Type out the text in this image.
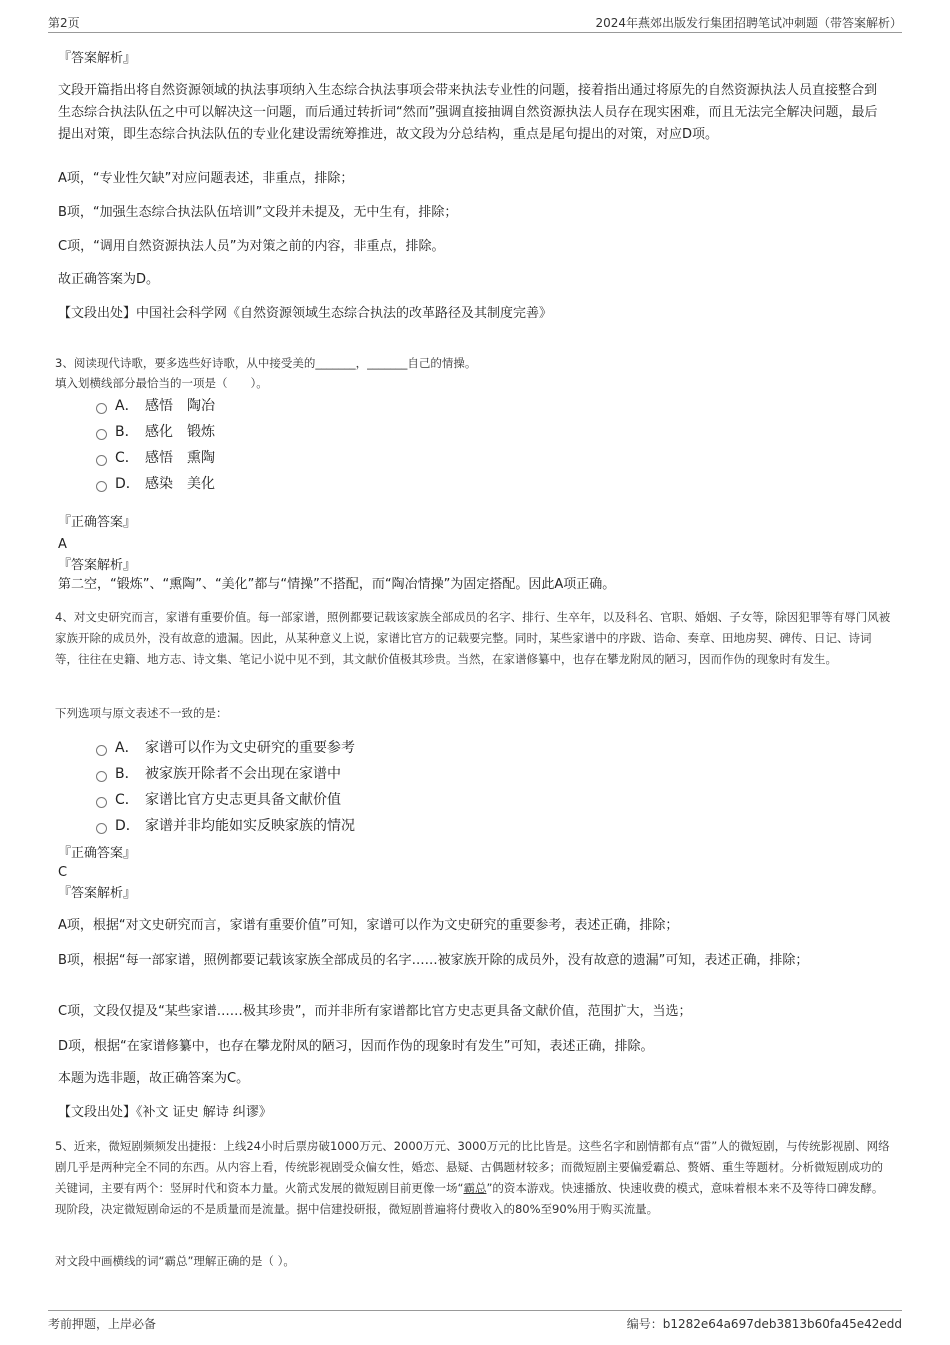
第2页	2024年燕郊出版发行集团招聘笔试冲刺题（带答案解析）
『答案解析』
文段开篇指出将自然资源领域的执法事项纳入生态综合执法事项会带来执法专业性的问题，接着指出通过将原先的自然资源执法人员直接整合到生态综合执法队伍之中可以解决这一问题，而后通过转折词“然而”强调直接抽调自然资源执法人员存在现实困难，而且无法完全解决问题，最后提出对策，即生态综合执法队伍的专业化建设需统筹推进，故文段为分总结构，重点是尾句提出的对策，对应D项。
A项，“专业性欠缺”对应问题表述，非重点，排除；
B项，“加强生态综合执法队伍培训”文段并未提及，无中生有，排除；
C项，“调用自然资源执法人员”为对策之前的内容，非重点，排除。
故正确答案为D。
【文段出处】中国社会科学网《自然资源领域生态综合执法的改革路径及其制度完善》
3、阅读现代诗歌，要多选些好诗歌，从中接受美的_______，_______自己的情操。
填入划横线部分最恰当的一项是（　　）。
A． 感悟	陶冶
B． 感化	锻炼
C． 感悟	熏陶
D． 感染	美化
『正确答案』
A
『答案解析』
第二空，“锻炼”、“熏陶”、“美化”都与“情操”不搭配，而“陶冶情操”为固定搭配。因此A项正确。
4、对文史研究而言，家谱有重要价值。每一部家谱，照例都要记载该家族全部成员的名字、排行、生卒年，以及科名、官职、婚姻、子女等，除因犯罪等有辱门风被家族开除的成员外，没有故意的遗漏。因此，从某种意义上说，家谱比官方的记载要完整。同时，某些家谱中的序跋、诰命、奏章、田地房契、碑传、日记、诗词等，往往在史籍、地方志、诗文集、笔记小说中见不到，其文献价值极其珍贵。当然，在家谱修纂中，也存在攀龙附凤的陋习，因而作伪的现象时有发生。
下列选项与原文表述不一致的是：
A． 家谱可以作为文史研究的重要参考
B． 被家族开除者不会出现在家谱中
C． 家谱比官方史志更具备文献价值
D． 家谱并非均能如实反映家族的情况
『正确答案』
C
『答案解析』
A项，根据“对文史研究而言，家谱有重要价值”可知，家谱可以作为文史研究的重要参考，表述正确，排除；
B项，根据“每一部家谱，照例都要记载该家族全部成员的名字……被家族开除的成员外，没有故意的遗漏”可知，表述正确，排除；
C项，文段仅提及“某些家谱……极其珍贵”，而并非所有家谱都比官方史志更具备文献价值，范围扩大，当选；
D项，根据“在家谱修纂中，也存在攀龙附凤的陋习，因而作伪的现象时有发生”可知，表述正确，排除。
本题为选非题，故正确答案为C。
【文段出处】《补文 证史 解诗 纠谬》
5、近来，微短剧频频发出捷报：上线24小时后票房破1000万元、2000万元、3000万元的比比皆是。这些名字和剧情都有点“雷”人的微短剧，与传统影视剧、网络剧几乎是两种完全不同的东西。从内容上看，传统影视剧受众偏女性，婚恋、悬疑、古偶题材较多；而微短剧主要偏爱霸总、赘婿、重生等题材。分析微短剧成功的关键词，主要有两个：竖屏时代和资本力量。火箭式发展的微短剧目前更像一场“霸总”的资本游戏。快速播放、快速收费的模式，意味着根本来不及等待口碑发酵。现阶段，决定微短剧命运的不是质量而是流量。据中信建投研报，微短剧普遍将付费收入的80%至90%用于购买流量。
对文段中画横线的词“霸总”理解正确的是（ ）。
考前押题，上岸必备	编号：b1282e64a697deb3813b60fa45e42edd
